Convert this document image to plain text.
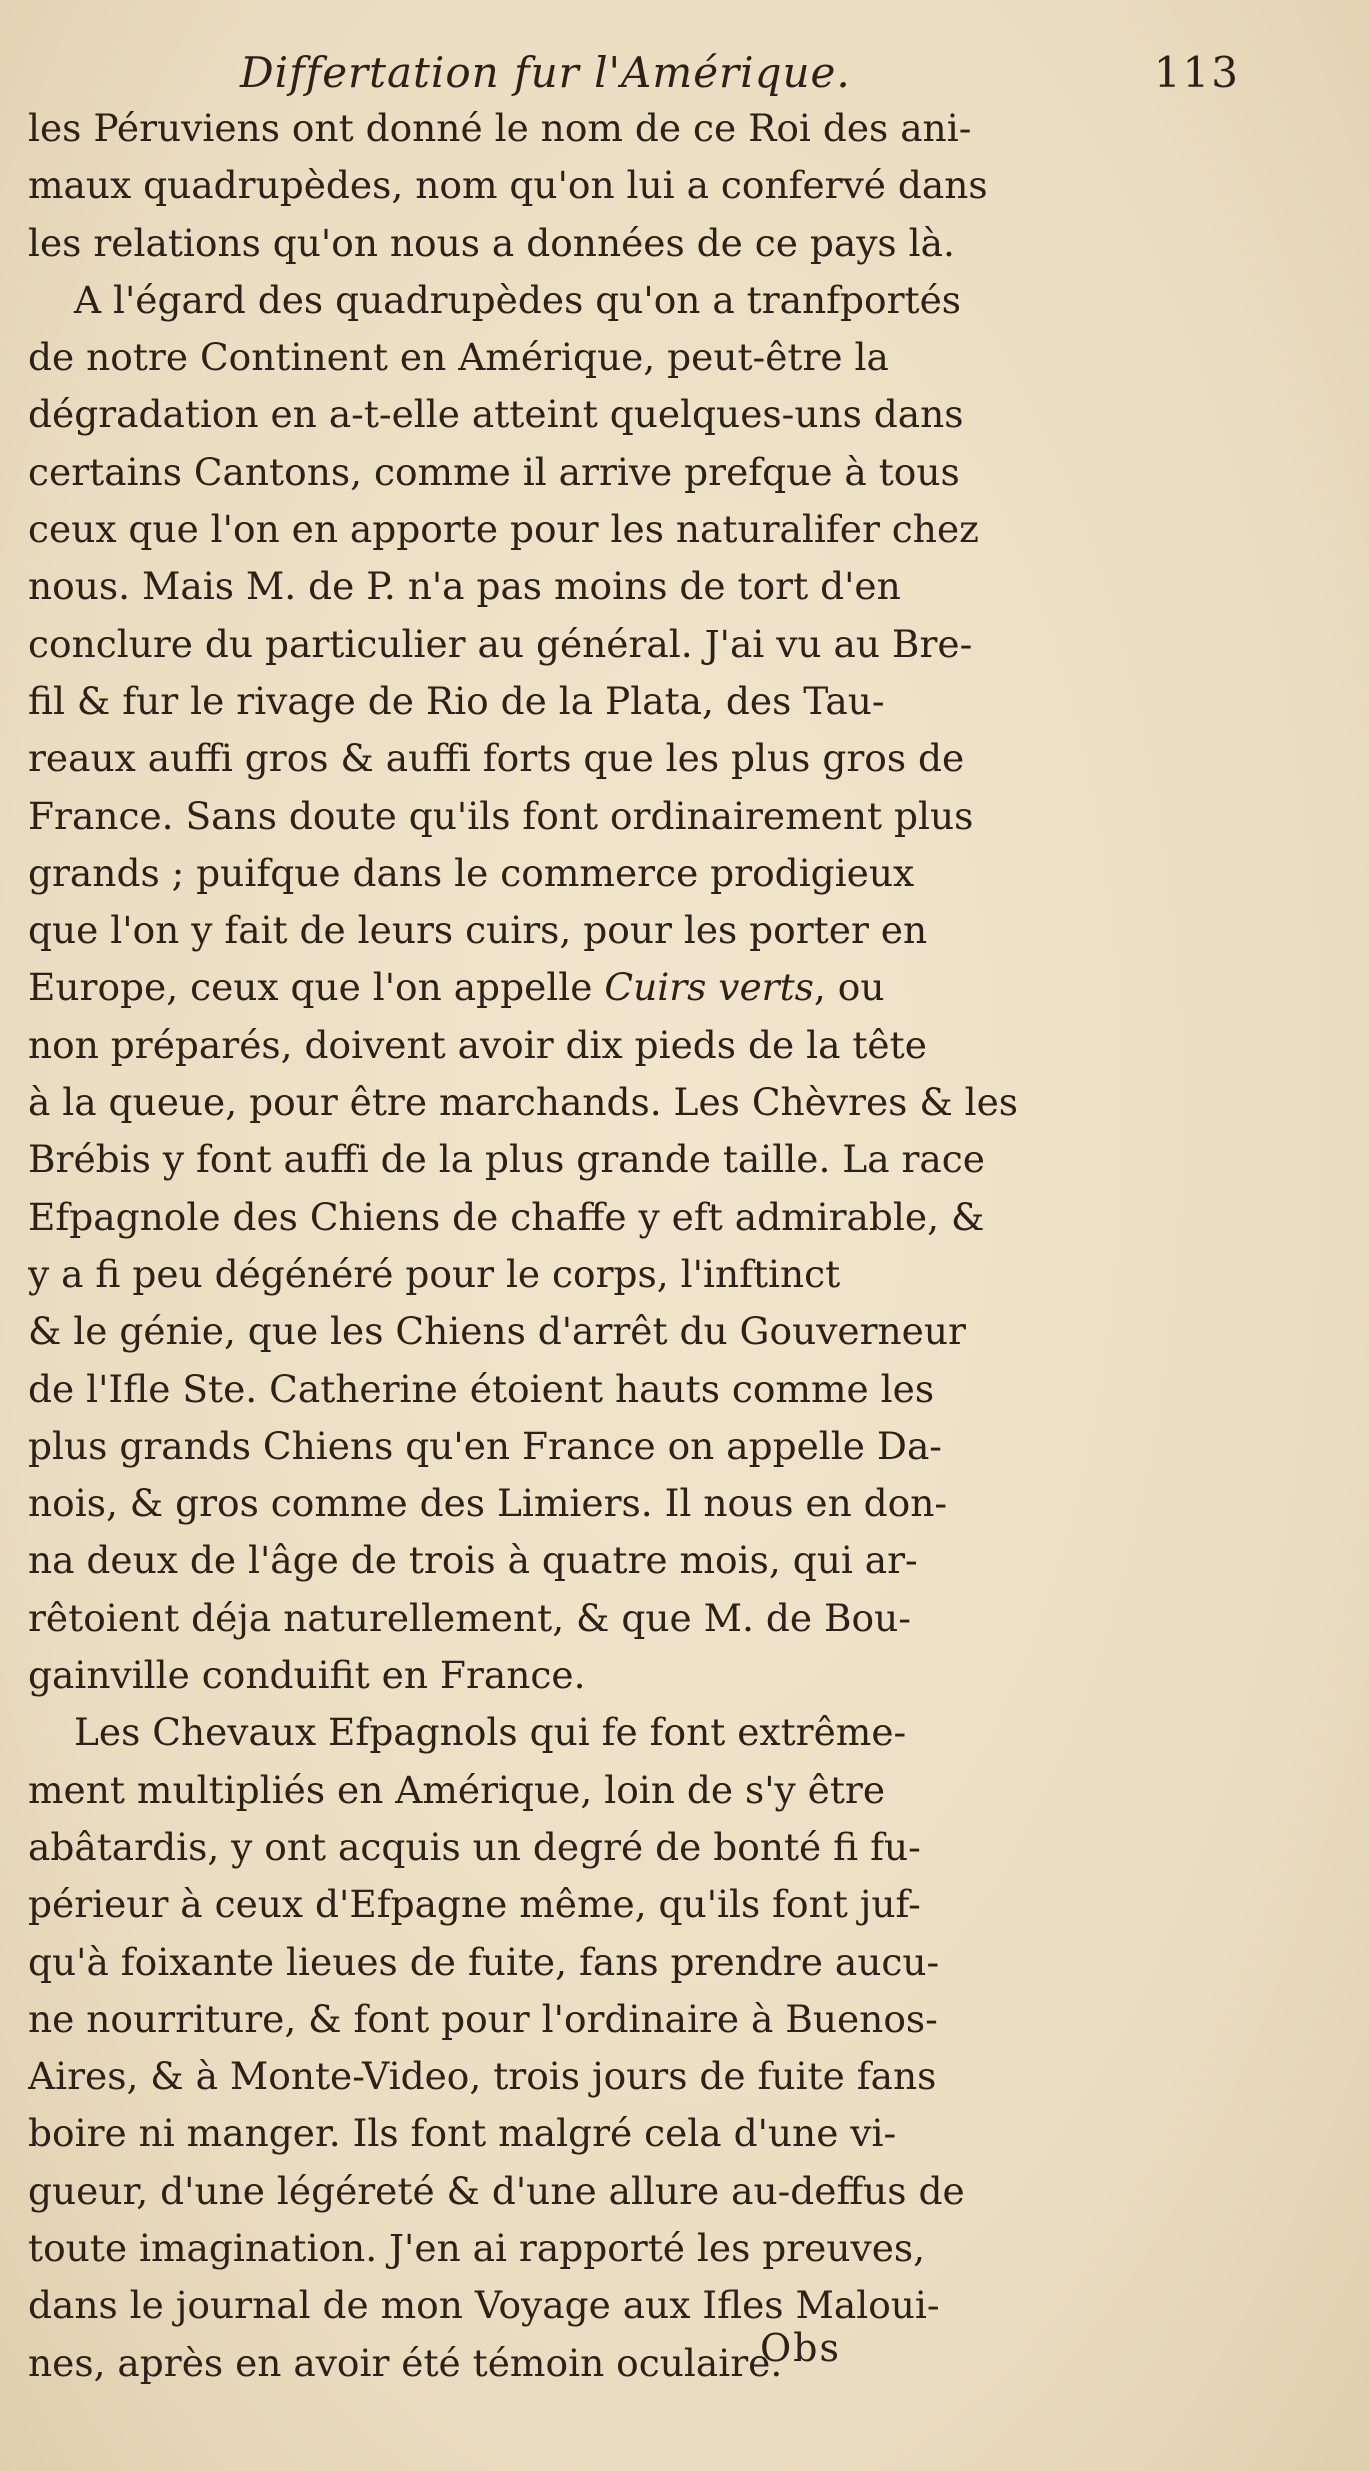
Differtation fur l'Amérique.	113
les Péruviens ont donné le nom de ce Roi des ani-
maux quadrupèdes, nom qu'on lui a confervé dans
les relations qu'on nous a données de ce pays là.
A l'égard des quadrupèdes qu'on a tranfportés
de notre Continent en Amérique, peut-être la
dégradation en a-t-elle atteint quelques-uns dans
certains Cantons, comme il arrive prefque à tous
ceux que l'on en apporte pour les naturalifer chez
nous. Mais M. de P. n'a pas moins de tort d'en
conclure du particulier au général. J'ai vu au Bre-
fil & fur le rivage de Rio de la Plata, des Tau-
reaux auffi gros & auffi forts que les plus gros de
France. Sans doute qu'ils font ordinairement plus
grands ; puifque dans le commerce prodigieux
que l'on y fait de leurs cuirs, pour les porter en
Europe, ceux que l'on appelle Cuirs verts, ou
non préparés, doivent avoir dix pieds de la tête
à la queue, pour être marchands. Les Chèvres & les
Brébis y font auffi de la plus grande taille. La race
Efpagnole des Chiens de chaffe y eft admirable, &
y a fi peu dégénéré pour le corps, l'inftinct
& le génie, que les Chiens d'arrêt du Gouverneur
de l'Ifle Ste. Catherine étoient hauts comme les
plus grands Chiens qu'en France on appelle Da-
nois, & gros comme des Limiers. Il nous en don-
na deux de l'âge de trois à quatre mois, qui ar-
rêtoient déja naturellement, & que M. de Bou-
gainville conduifit en France.
Les Chevaux Efpagnols qui fe font extrême-
ment multipliés en Amérique, loin de s'y être
abâtardis, y ont acquis un degré de bonté fi fu-
périeur à ceux d'Efpagne même, qu'ils font juf-
qu'à foixante lieues de fuite, fans prendre aucu-
ne nourriture, & font pour l'ordinaire à Buenos-
Aires, & à Monte-Video, trois jours de fuite fans
boire ni manger. Ils font malgré cela d'une vi-
gueur, d'une légéreté & d'une allure au-deffus de
toute imagination. J'en ai rapporté les preuves,
dans le journal de mon Voyage aux Ifles Maloui-
nes, après en avoir été témoin oculaire.
Obs
